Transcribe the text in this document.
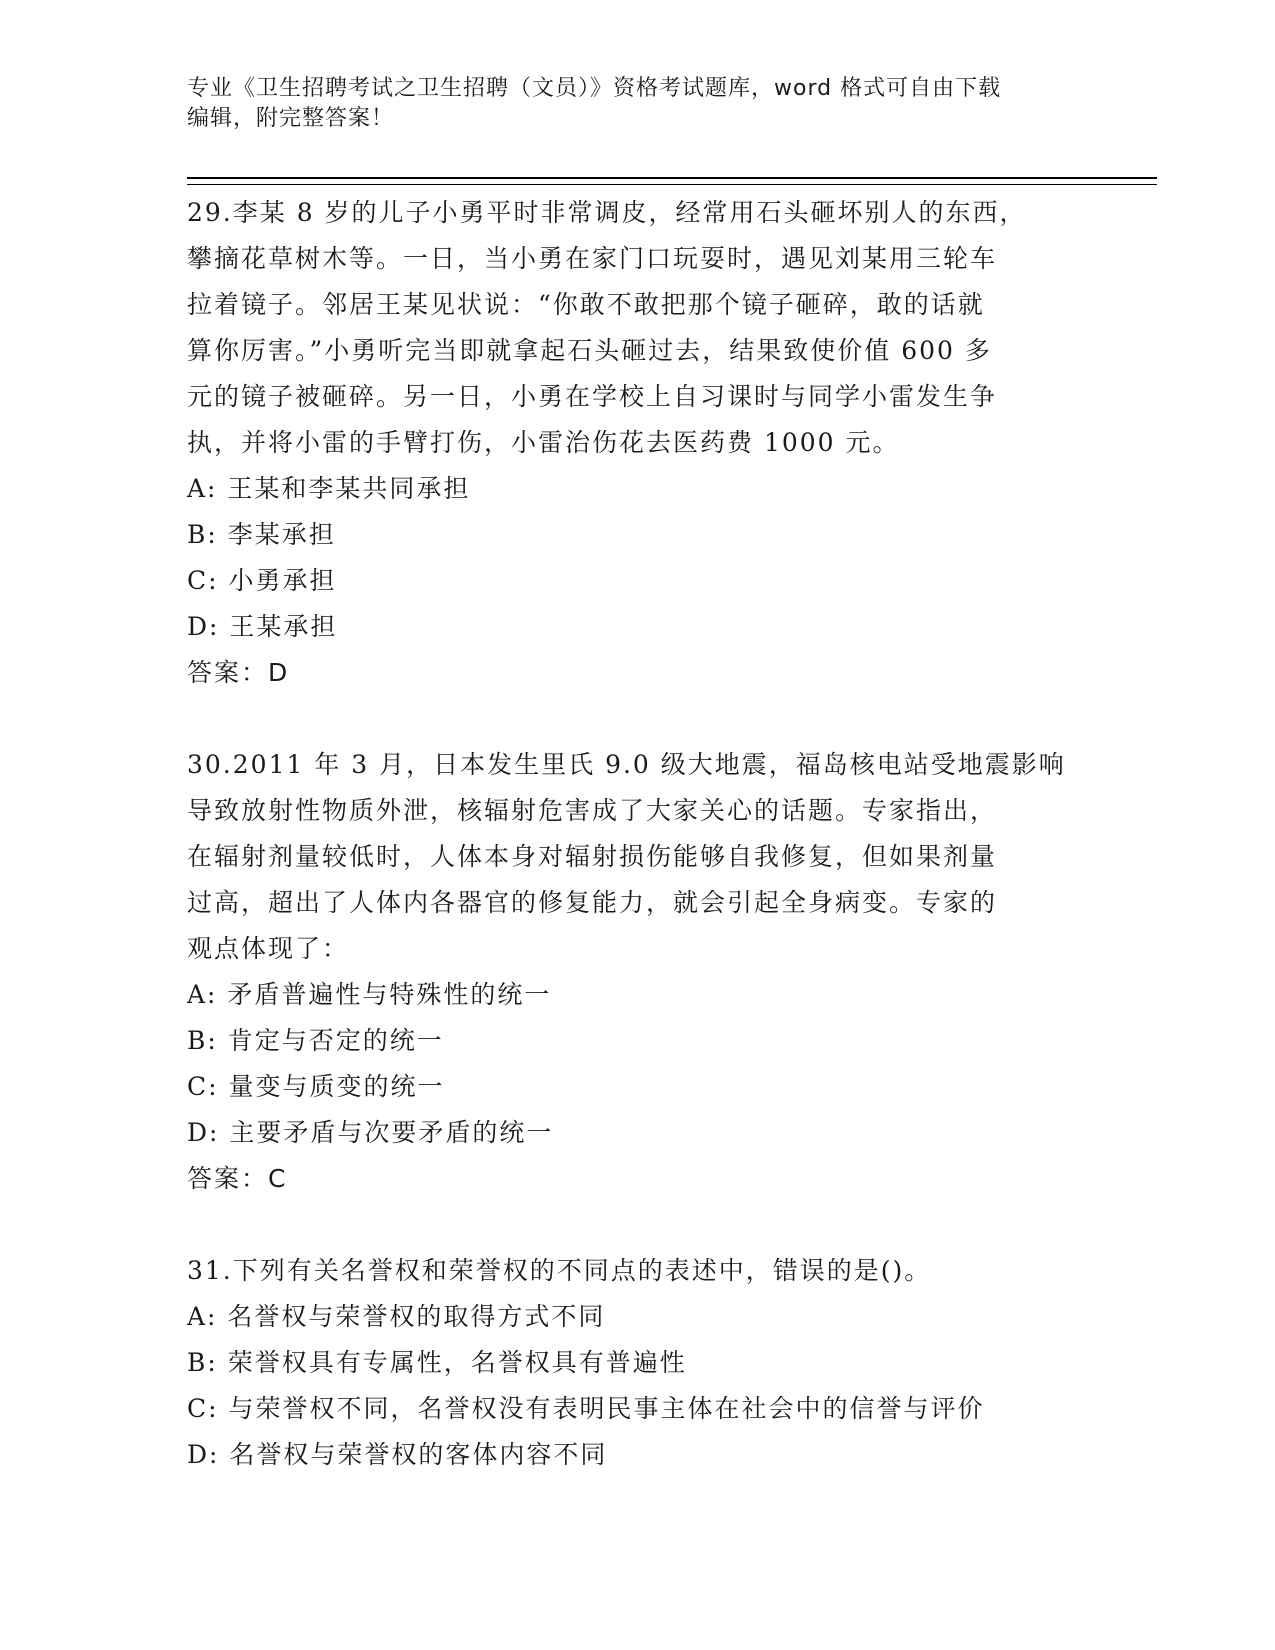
专业《卫生招聘考试之卫生招聘（文员）》资格考试题库，word 格式可自由下载

编辑，附完整答案！

29.李某 8 岁的儿子小勇平时非常调皮，经常用石头砸坏别人的东西，

攀摘花草树木等。一日，当小勇在家门口玩耍时，遇见刘某用三轮车

拉着镜子。邻居王某见状说：“你敢不敢把那个镜子砸碎，敢的话就

算你厉害。”小勇听完当即就拿起石头砸过去，结果致使价值 600 多

元的镜子被砸碎。另一日，小勇在学校上自习课时与同学小雷发生争

执，并将小雷的手臂打伤，小雷治伤花去医药费 1000 元。

A: 王某和李某共同承担

B: 李某承担

C: 小勇承担

D: 王某承担

答案：D

30.2011 年 3 月，日本发生里氏 9.0 级大地震，福岛核电站受地震影响

导致放射性物质外泄，核辐射危害成了大家关心的话题。专家指出，

在辐射剂量较低时，人体本身对辐射损伤能够自我修复，但如果剂量

过高，超出了人体内各器官的修复能力，就会引起全身病变。专家的

观点体现了：

A: 矛盾普遍性与特殊性的统一

B: 肯定与否定的统一

C: 量变与质变的统一

D: 主要矛盾与次要矛盾的统一

答案：C

31.下列有关名誉权和荣誉权的不同点的表述中，错误的是()。

A: 名誉权与荣誉权的取得方式不同

B: 荣誉权具有专属性，名誉权具有普遍性

C: 与荣誉权不同，名誉权没有表明民事主体在社会中的信誉与评价

D: 名誉权与荣誉权的客体内容不同
